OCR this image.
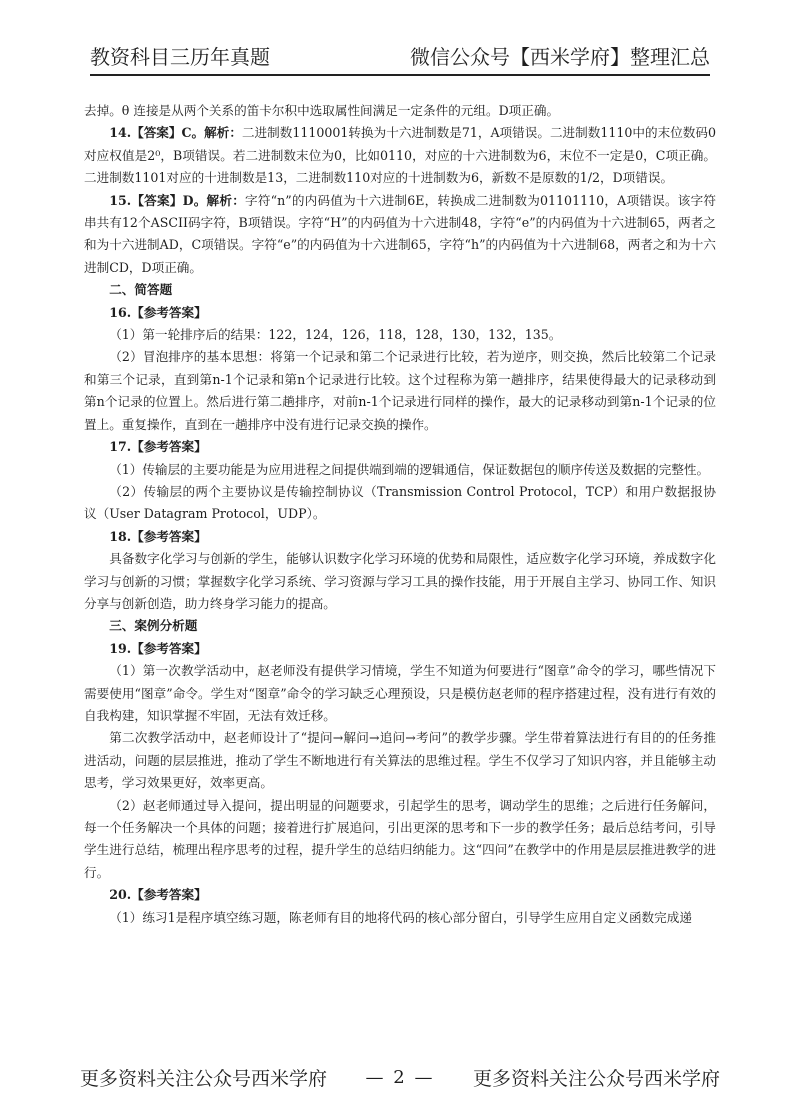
教资科目三历年真题	微信公众号【西米学府】整理汇总

去掉。θ 连接是从两个关系的笛卡尔积中选取属性间满足一定条件的元组。D项正确。

14.【答案】C。解析：二进制数1110001转换为十六进制数是71，A项错误。二进制数1110中的末位数码0对应权值是2⁰，B项错误。若二进制数末位为0，比如0110，对应的十六进制数为6，末位不一定是0，C项正确。二进制数1101对应的十进制数是13，二进制数110对应的十进制数为6，新数不是原数的1/2，D项错误。

15.【答案】D。解析：字符“n”的内码值为十六进制6E，转换成二进制数为01101110，A项错误。该字符串共有12个ASCII码字符，B项错误。字符“H”的内码值为十六进制48，字符“e”的内码值为十六进制65，两者之和为十六进制AD，C项错误。字符“e”的内码值为十六进制65，字符“h”的内码值为十六进制68，两者之和为十六进制CD，D项正确。

二、简答题

16.【参考答案】

（1）第一轮排序后的结果：122，124，126，118，128，130，132，135。

（2）冒泡排序的基本思想：将第一个记录和第二个记录进行比较，若为逆序，则交换，然后比较第二个记录和第三个记录，直到第n-1个记录和第n个记录进行比较。这个过程称为第一趟排序，结果使得最大的记录移动到第n个记录的位置上。然后进行第二趟排序，对前n-1个记录进行同样的操作，最大的记录移动到第n-1个记录的位置上。重复操作，直到在一趟排序中没有进行记录交换的操作。

17.【参考答案】

（1）传输层的主要功能是为应用进程之间提供端到端的逻辑通信，保证数据包的顺序传送及数据的完整性。

（2）传输层的两个主要协议是传输控制协议（Transmission Control Protocol，TCP）和用户数据报协议（User Datagram Protocol，UDP）。

18.【参考答案】

具备数字化学习与创新的学生，能够认识数字化学习环境的优势和局限性，适应数字化学习环境，养成数字化学习与创新的习惯；掌握数字化学习系统、学习资源与学习工具的操作技能，用于开展自主学习、协同工作、知识分享与创新创造，助力终身学习能力的提高。

三、案例分析题

19.【参考答案】

（1）第一次教学活动中，赵老师没有提供学习情境，学生不知道为何要进行“图章”命令的学习，哪些情况下需要使用“图章”命令。学生对“图章”命令的学习缺乏心理预设，只是模仿赵老师的程序搭建过程，没有进行有效的自我构建，知识掌握不牢固，无法有效迁移。

第二次教学活动中，赵老师设计了“提问→解问→追问→考问”的教学步骤。学生带着算法进行有目的的任务推进活动，问题的层层推进，推动了学生不断地进行有关算法的思维过程。学生不仅学习了知识内容，并且能够主动思考，学习效果更好，效率更高。

（2）赵老师通过导入提问，提出明显的问题要求，引起学生的思考，调动学生的思维；之后进行任务解问，每一个任务解决一个具体的问题；接着进行扩展追问，引出更深的思考和下一步的教学任务；最后总结考问，引导学生进行总结，梳理出程序思考的过程，提升学生的总结归纳能力。这“四问”在教学中的作用是层层推进教学的进行。

20.【参考答案】

（1）练习1是程序填空练习题，陈老师有目的地将代码的核心部分留白，引导学生应用自定义函数完成递

更多资料关注公众号西米学府 — 2 — 更多资料关注公众号西米学府
